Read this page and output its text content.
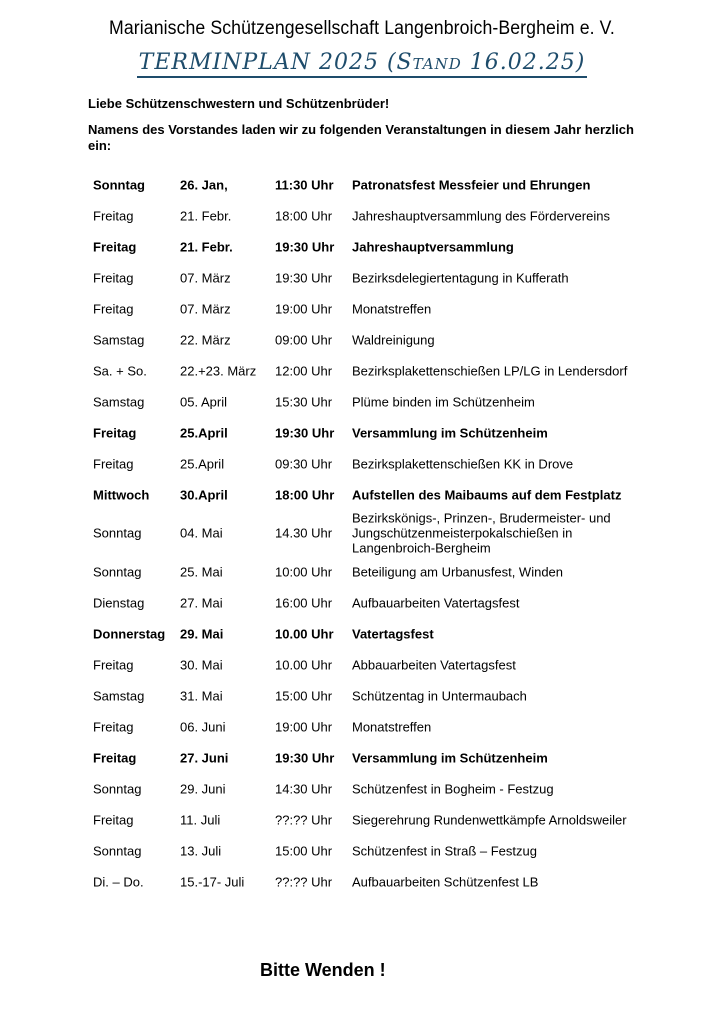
Marianische Schützengesellschaft Langenbroich-Bergheim e. V.
TERMINPLAN 2025 (Stand 16.02.25)
Liebe Schützenschwestern und Schützenbrüder!
Namens des Vorstandes laden wir zu folgenden Veranstaltungen in diesem Jahr herzlich ein:
Sonntag	26. Jan,	11:30 Uhr Patronatsfest Messfeier und Ehrungen
Freitag	21. Febr.	18:00 Uhr Jahreshauptversammlung des Fördervereins
Freitag	21. Febr.	19:30 Uhr Jahreshauptversammlung
Freitag	07. März	19:30 Uhr Bezirksdelegiertentagung in Kufferath
Freitag	07. März	19:00 Uhr Monatstreffen
Samstag	22. März	09:00 Uhr Waldreinigung
Sa. + So.	22.+23. März 12:00 Uhr Bezirksplakettenschießen LP/LG in Lendersdorf
Samstag	05. April	15:30 Uhr Plüme binden im Schützenheim
Freitag	25.April	19:30 Uhr Versammlung im Schützenheim
Freitag	25.April	09:30 Uhr Bezirksplakettenschießen KK in Drove
Mittwoch 30.April	18:00 Uhr Aufstellen des Maibaums auf dem Festplatz
Sonntag	04. Mai	14.30 Uhr
Bezirkskönigs-, Prinzen-, Brudermeister- und Jungschützenmeisterpokalschießen in Langenbroich-Bergheim
Sonntag	25. Mai	10:00 Uhr Beteiligung am Urbanusfest, Winden
Dienstag	27. Mai	16:00 Uhr Aufbauarbeiten Vatertagsfest
Donnerstag 29. Mai	10.00 Uhr Vatertagsfest
Freitag	30. Mai	10.00 Uhr Abbauarbeiten Vatertagsfest
Samstag	31. Mai	15:00 Uhr Schützentag in Untermaubach
Freitag	06. Juni	19:00 Uhr Monatstreffen
Freitag	27. Juni	19:30 Uhr Versammlung im Schützenheim
Sonntag	29. Juni	14:30 Uhr Schützenfest in Bogheim - Festzug
Freitag	11. Juli	??:?? Uhr Siegerehrung Rundenwettkämpfe Arnoldsweiler
Sonntag	13. Juli	15:00 Uhr Schützenfest in Straß – Festzug
Di. – Do.	15.-17- Juli ??:?? Uhr Aufbauarbeiten Schützenfest LB
Bitte Wenden !
